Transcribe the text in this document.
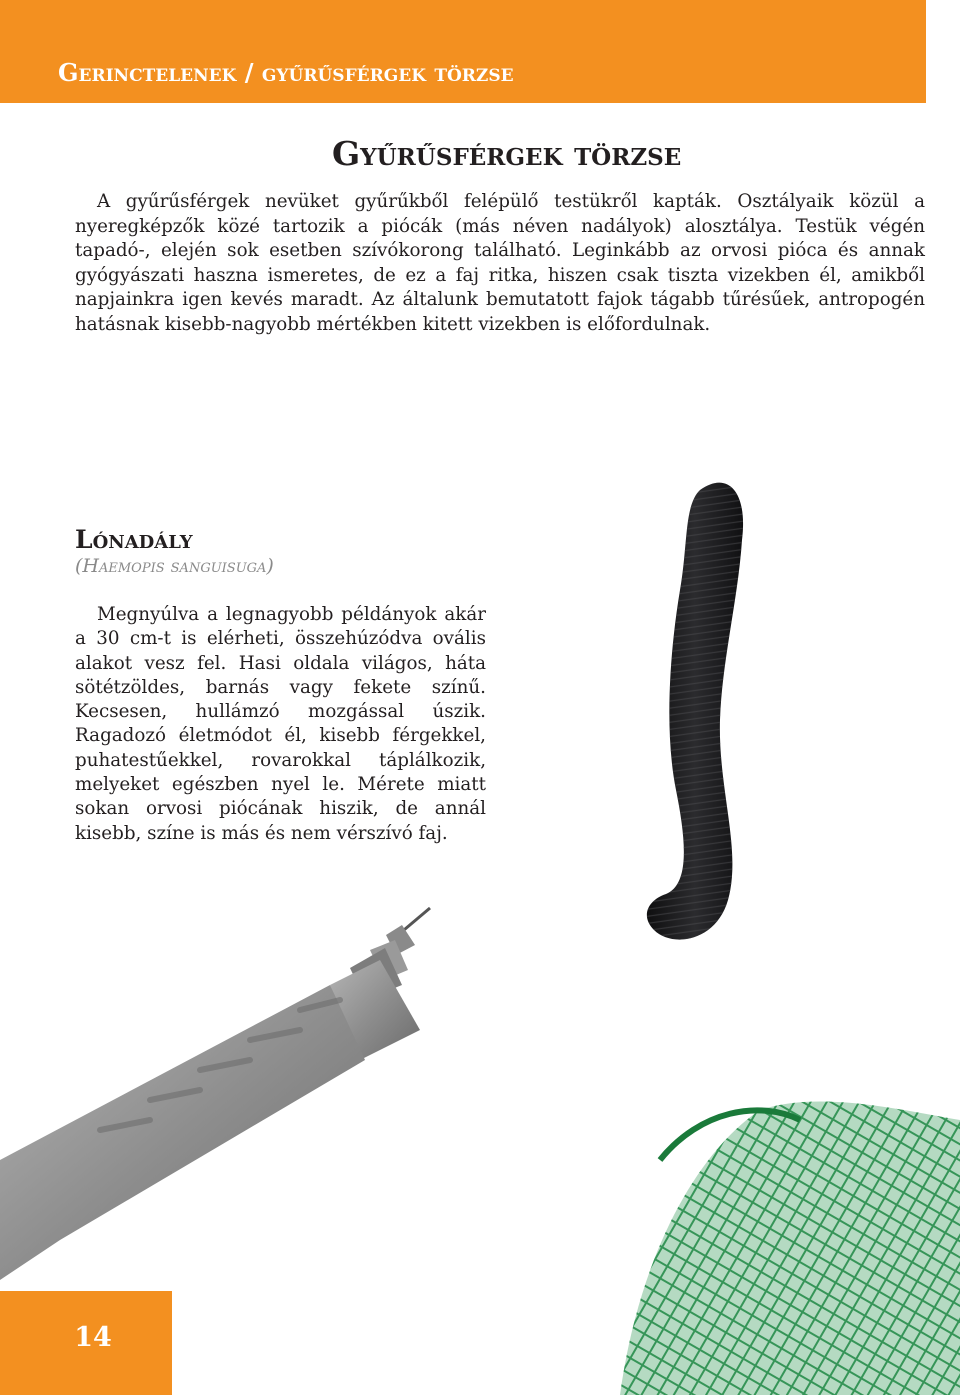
Gerinctelenek / gyűrűsférgek törzse
Gyűrűsférgek törzse

A gyűrűsférgek nevüket gyűrűkből felépülő testükről kapták. Osztályaik közül a nyeregképzők közé tartozik a piócák (más néven nadályok) alosztálya. Testük végén tapadó-, elején sok esetben szívókorong található. Leginkább az orvosi pióca és annak gyógyászati haszna ismeretes, de ez a faj ritka, hiszen csak tiszta vizekben él, amikből napjainkra igen kevés maradt. Az általunk bemutatott fajok tágabb tűrésűek, antropogén hatásnak kisebb-nagyobb mértékben kitett vizekben is előfordulnak.

Lónadály
(Haemopis sanguisuga)

Megnyúlva a legnagyobb példányok akár a 30 cm-t is elérheti, összehúzódva ovális alakot vesz fel. Hasi oldala világos, háta sötétzöldes, barnás vagy fekete színű. Kecsesen, hullámzó mozgással úszik. Ragadozó életmódot él, kisebb férgekkel, puhatestűekkel, rovarokkal táplálkozik, melyeket egészben nyel le. Mérete miatt sokan orvosi piócának hiszik, de annál kisebb, színe is más és nem vérszívó faj.

14
